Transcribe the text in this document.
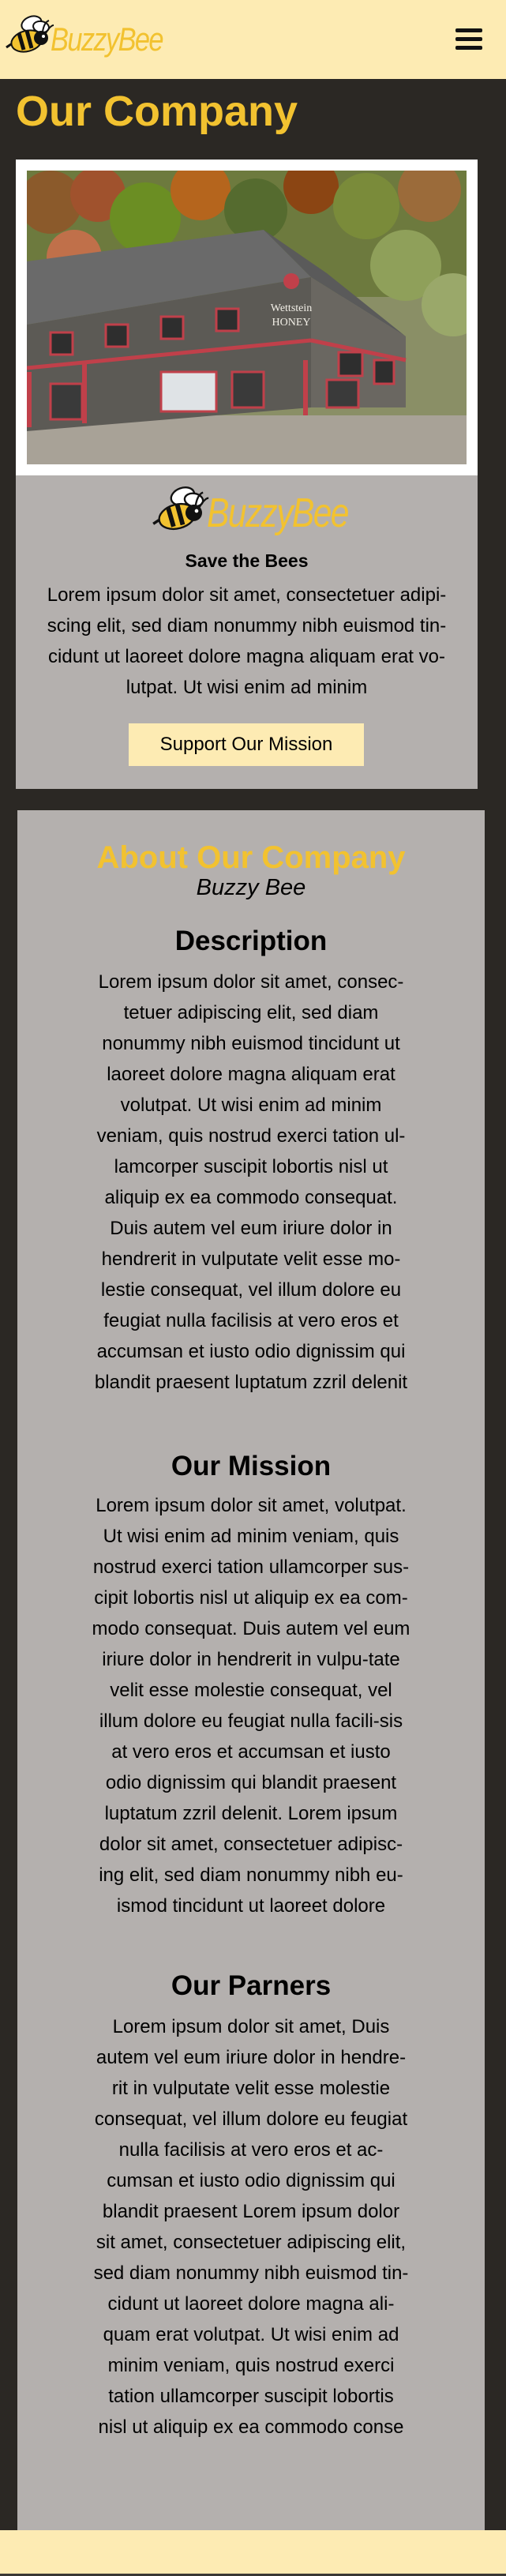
BuzzyBee
Our Company
Wettstein
HONEY
BuzzyBee
Save the Bees

Lorem ipsum dolor sit amet, consectetuer adipi-scing elit, sed diam nonummy nibh euismod tin-cidunt ut laoreet dolore magna aliquam erat vo-lutpat. Ut wisi enim ad minim

Support Our Mission
About Our Company
Buzzy Bee
Description

Lorem ipsum dolor sit amet, consec-tetuer adipiscing elit, sed diam nonummy nibh euismod tincidunt ut laoreet dolore magna aliquam erat volutpat. Ut wisi enim ad minim veniam, quis nostrud exerci tation ul-lamcorper suscipit lobortis nisl ut aliquip ex ea commodo consequat. Duis autem vel eum iriure dolor in hendrerit in vulputate velit esse mo-lestie consequat, vel illum dolore eu feugiat nulla facilisis at vero eros et accumsan et iusto odio dignissim qui blandit praesent luptatum zzril delenit

Our Mission

Lorem ipsum dolor sit amet, volutpat. Ut wisi enim ad minim veniam, quis nostrud exerci tation ullamcorper sus-cipit lobortis nisl ut aliquip ex ea com-modo consequat. Duis autem vel eum iriure dolor in hendrerit in vulpu-tate velit esse molestie consequat, vel illum dolore eu feugiat nulla facili-sis at vero eros et accumsan et iusto odio dignissim qui blandit praesent luptatum zzril delenit. Lorem ipsum dolor sit amet, consectetuer adipisc-ing elit, sed diam nonummy nibh eu-ismod tincidunt ut laoreet dolore

Our Parners

Lorem ipsum dolor sit amet, Duis autem vel eum iriure dolor in hendre-rit in vulputate velit esse molestie consequat, vel illum dolore eu feugiat nulla facilisis at vero eros et ac-cumsan et iusto odio dignissim qui blandit praesent Lorem ipsum dolor sit amet, consectetuer adipiscing elit, sed diam nonummy nibh euismod tin-cidunt ut laoreet dolore magna ali-quam erat volutpat. Ut wisi enim ad minim veniam, quis nostrud exerci tation ullamcorper suscipit lobortis nisl ut aliquip ex ea commodo conse
